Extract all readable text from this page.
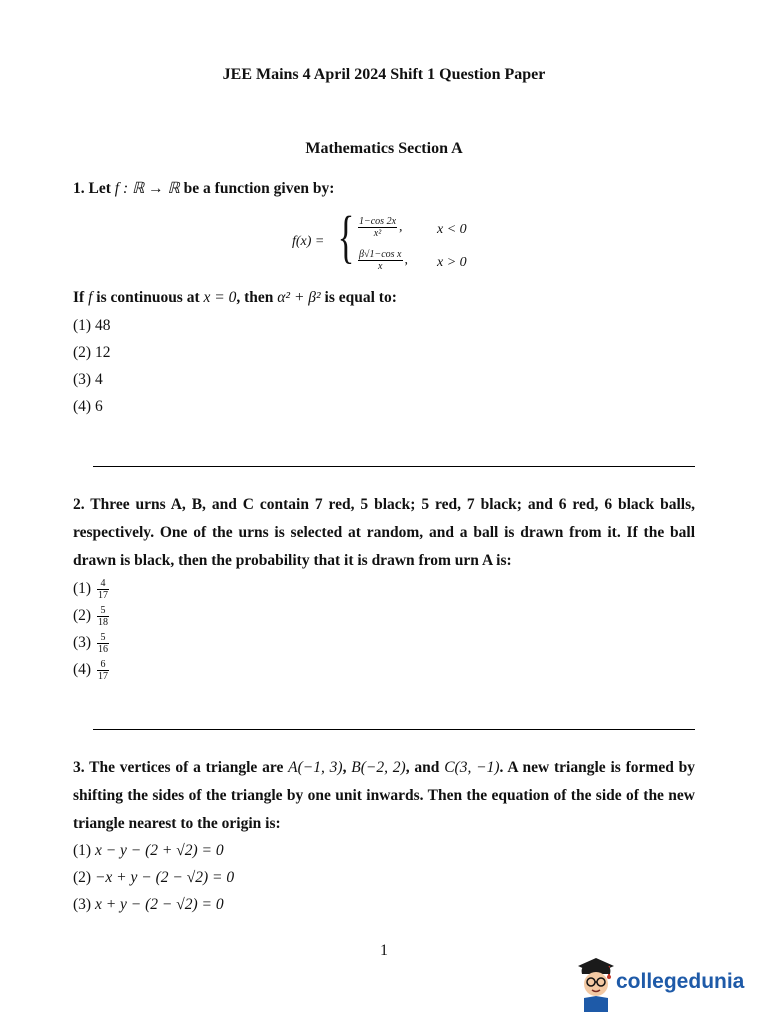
JEE Mains 4 April 2024 Shift 1 Question Paper
Mathematics Section A
1. Let f : ℝ → ℝ be a function given by:
f(x) = { $\frac{1-\cos 2x}{\text{x²}}$ , x < 0
$\frac{\text{β√1−cos x}}{x}$ , x > 0
If f is continuous at x = 0, then α² + β² is equal to:
(1) 48
(2) 12
(3) 4
(4) 6
2. Three urns A, B, and C contain 7 red, 5 black; 5 red, 7 black; and 6 red, 6 black balls, respectively. One of the urns is selected at random, and a ball is drawn from it. If the ball drawn is black, then the probability that it is drawn from urn A is:
$(1) \frac{4}{17}$
$(2) \frac{5}{18}$
$(3) \frac{5}{16}$
$(4) \frac{6}{17}$
3. The vertices of a triangle are A(−1, 3), B(−2, 2), and C(3, −1). A new triangle is formed by shifting the sides of the triangle by one unit inwards. Then the equation of the side of the new triangle nearest to the origin is:
(1) x − y − (2 + √2) = 0
(2) −x + y − (2 − √2) = 0
(3) x + y − (2 − √2) = 0
1
collegedunia
